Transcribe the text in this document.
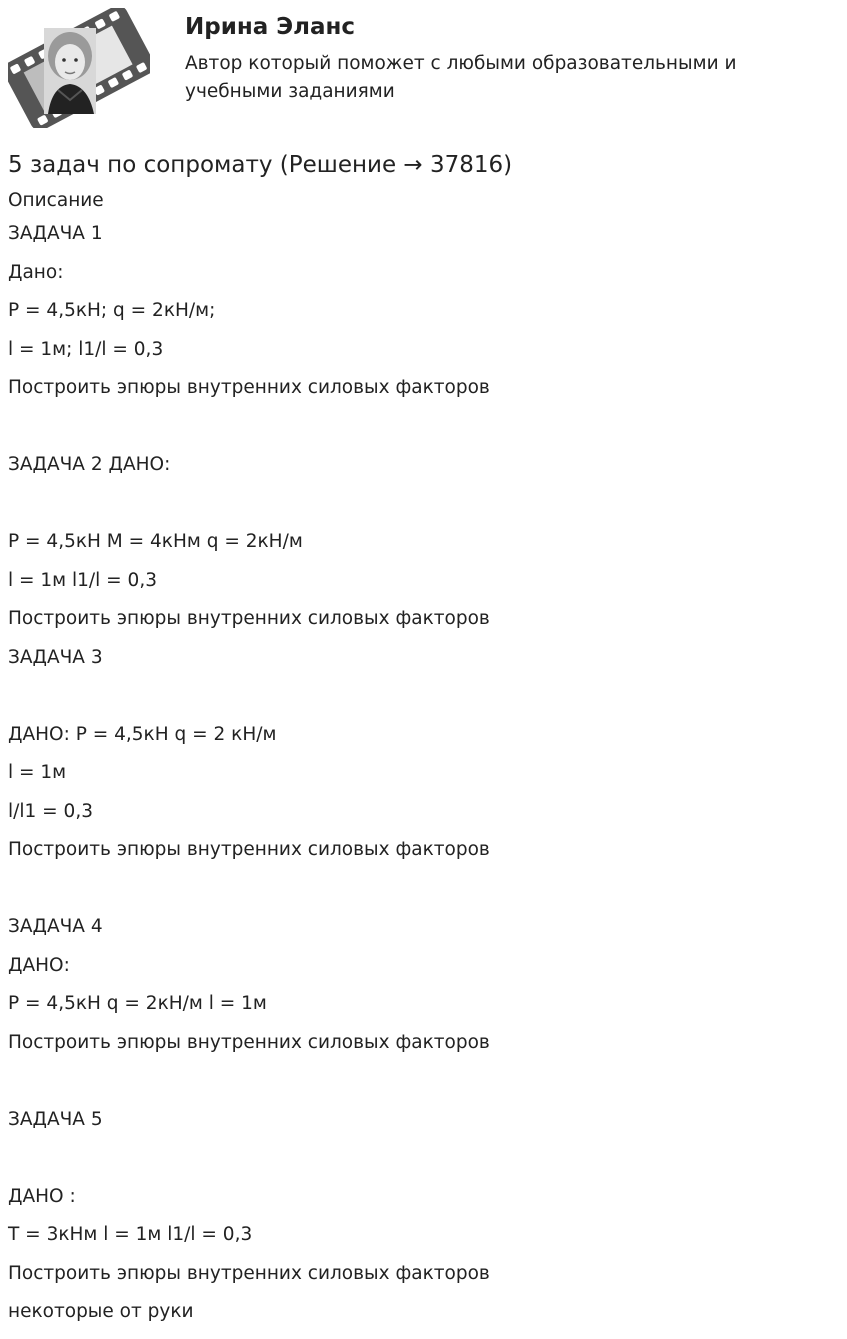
Ирина Эланс
Автор который поможет с любыми образовательными и учебными заданиями
5 задач по сопромату (Решение → 37816)
Описание
ЗАДАЧА 1
Дано:
P = 4,5кН; q = 2кН/м;
l = 1м; l1/l = 0,3
Построить эпюры внутренних силовых факторов
ЗАДАЧА 2 ДАНО:
P = 4,5кН M = 4кНм q = 2кН/м
l = 1м l1/l = 0,3
Построить эпюры внутренних силовых факторов
ЗАДАЧА 3
ДАНО: P = 4,5кН q = 2 кН/м
l = 1м
l/l1 = 0,3
Построить эпюры внутренних силовых факторов
ЗАДАЧА 4
ДАНО:
P = 4,5кН q = 2кН/м l = 1м
Построить эпюры внутренних силовых факторов
ЗАДАЧА 5
ДАНО :
T = 3кНм l = 1м l1/l = 0,3
Построить эпюры внутренних силовых факторов
некоторые от руки
